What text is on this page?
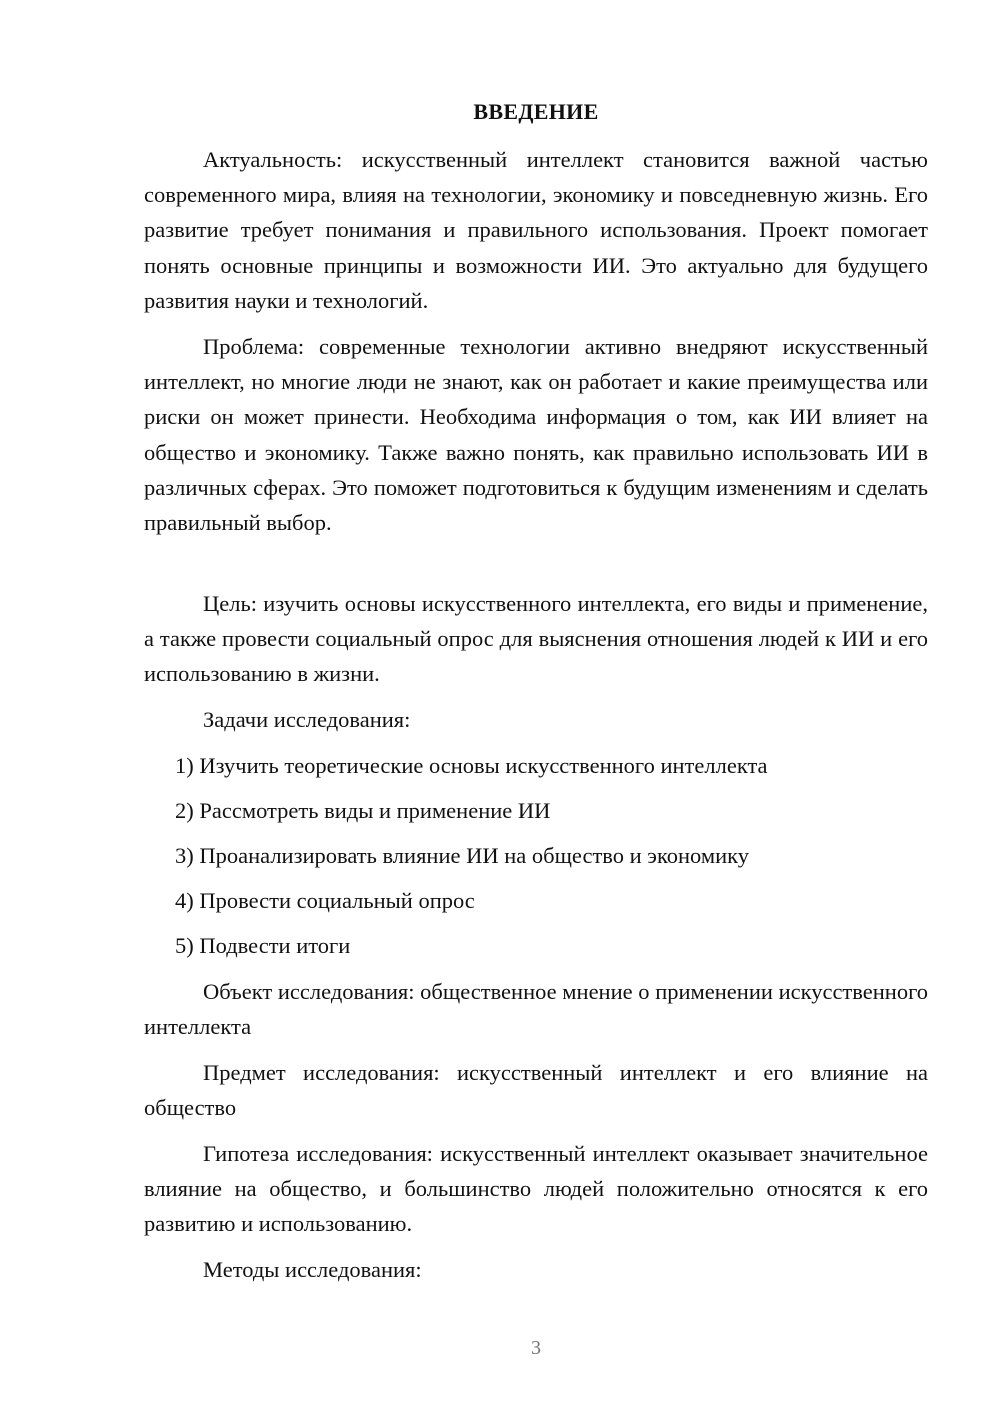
ВВЕДЕНИЕ

Актуальность: искусственный интеллект становится важной частью современного мира, влияя на технологии, экономику и повседневную жизнь. Его развитие требует понимания и правильного использования. Проект помогает понять основные принципы и возможности ИИ. Это актуально для будущего развития науки и технологий.

Проблема: современные технологии активно внедряют искусственный интеллект, но многие люди не знают, как он работает и какие преимущества или риски он может принести. Необходима информация о том, как ИИ влияет на общество и экономику. Также важно понять, как правильно использовать ИИ в различных сферах. Это поможет подготовиться к будущим изменениям и сделать правильный выбор.

Цель: изучить основы искусственного интеллекта, его виды и применение, а также провести социальный опрос для выяснения отношения людей к ИИ и его использованию в жизни.

Задачи исследования:
1) Изучить теоретические основы искусственного интеллекта
2) Рассмотреть виды и применение ИИ
3) Проанализировать влияние ИИ на общество и экономику
4) Провести социальный опрос
5) Подвести итоги

Объект исследования: общественное мнение о применении искусственного интеллекта

Предмет исследования: искусственный интеллект и его влияние на общество

Гипотеза исследования: искусственный интеллект оказывает значительное влияние на общество, и большинство людей положительно относятся к его развитию и использованию.

Методы исследования:
3
